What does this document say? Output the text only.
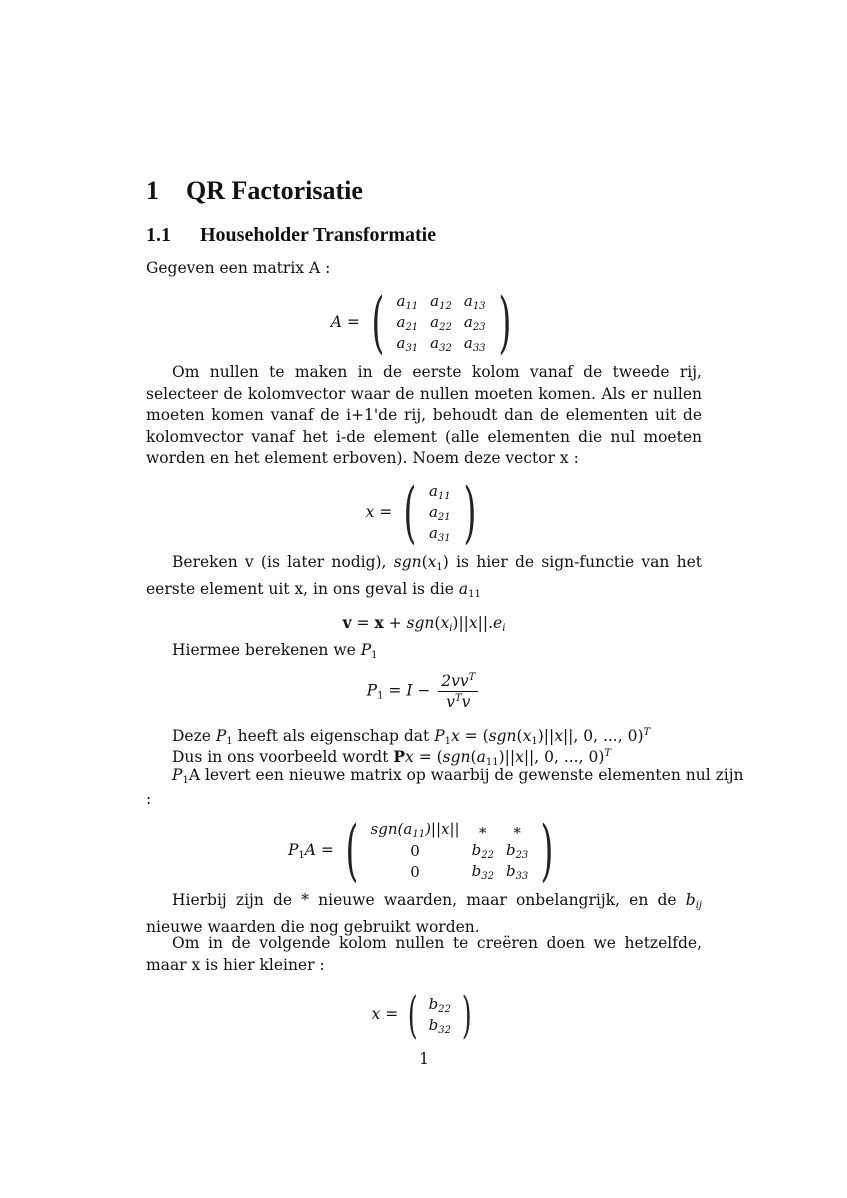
1 QR Factorisatie
1.1 Householder Transformatie
Gegeven een matrix A :
A = ( $a_{11}$	$a_{12}$	$a_{13}$
$a_{21}$	$a_{22}$	$a_{23}$
$a_{31}$	$a_{32}$	$a_{33}$ )
Om nullen te maken in de eerste kolom vanaf de tweede rij, selecteer de kolomvector waar de nullen moeten komen. Als er nullen moeten komen vanaf de i+1'de rij, behoudt dan de elementen uit de kolomvector vanaf het i-de element (alle elementen die nul moeten worden en het element erboven). Noem deze vector x :
x = ( $a_{11}$
$a_{21}$
$a_{31}$ )
Bereken v (is later nodig), $sgn(x_1)$ is hier de sign-functie van het eerste element uit x, in ons geval is die $a_{11}$
$v = x + sgn(x_i)||x||.e_i$
Hiermee berekenen we $P_1$
$P_1 = I - \frac{2vv^T}{v^Tv}$
Deze $P_1$ heeft als eigenschap dat $P_1x = (sgn(x_1)||x||$, 0, ..., 0)$^T$
Dus in ons voorbeeld wordt $Px = (sgn(a_{11})||x||$, 0, ..., 0)$^T$
$P_1A$ levert een nieuwe matrix op waarbij de gewenste elementen nul zijn
:
$P_1A$ = ( $sgn(a_{11})||x||$	∗	∗
0	$b_{22}$	$b_{23}$
0	$b_{32}$	$b_{33}$ )
Hierbij zijn de * nieuwe waarden, maar onbelangrijk, en de $b_{ij}$ nieuwe waarden die nog gebruikt worden.
Om in de volgende kolom nullen te creëren doen we hetzelfde, maar x is hier kleiner :
x = ( $b_{22}$
$b_{32}$ )
1
